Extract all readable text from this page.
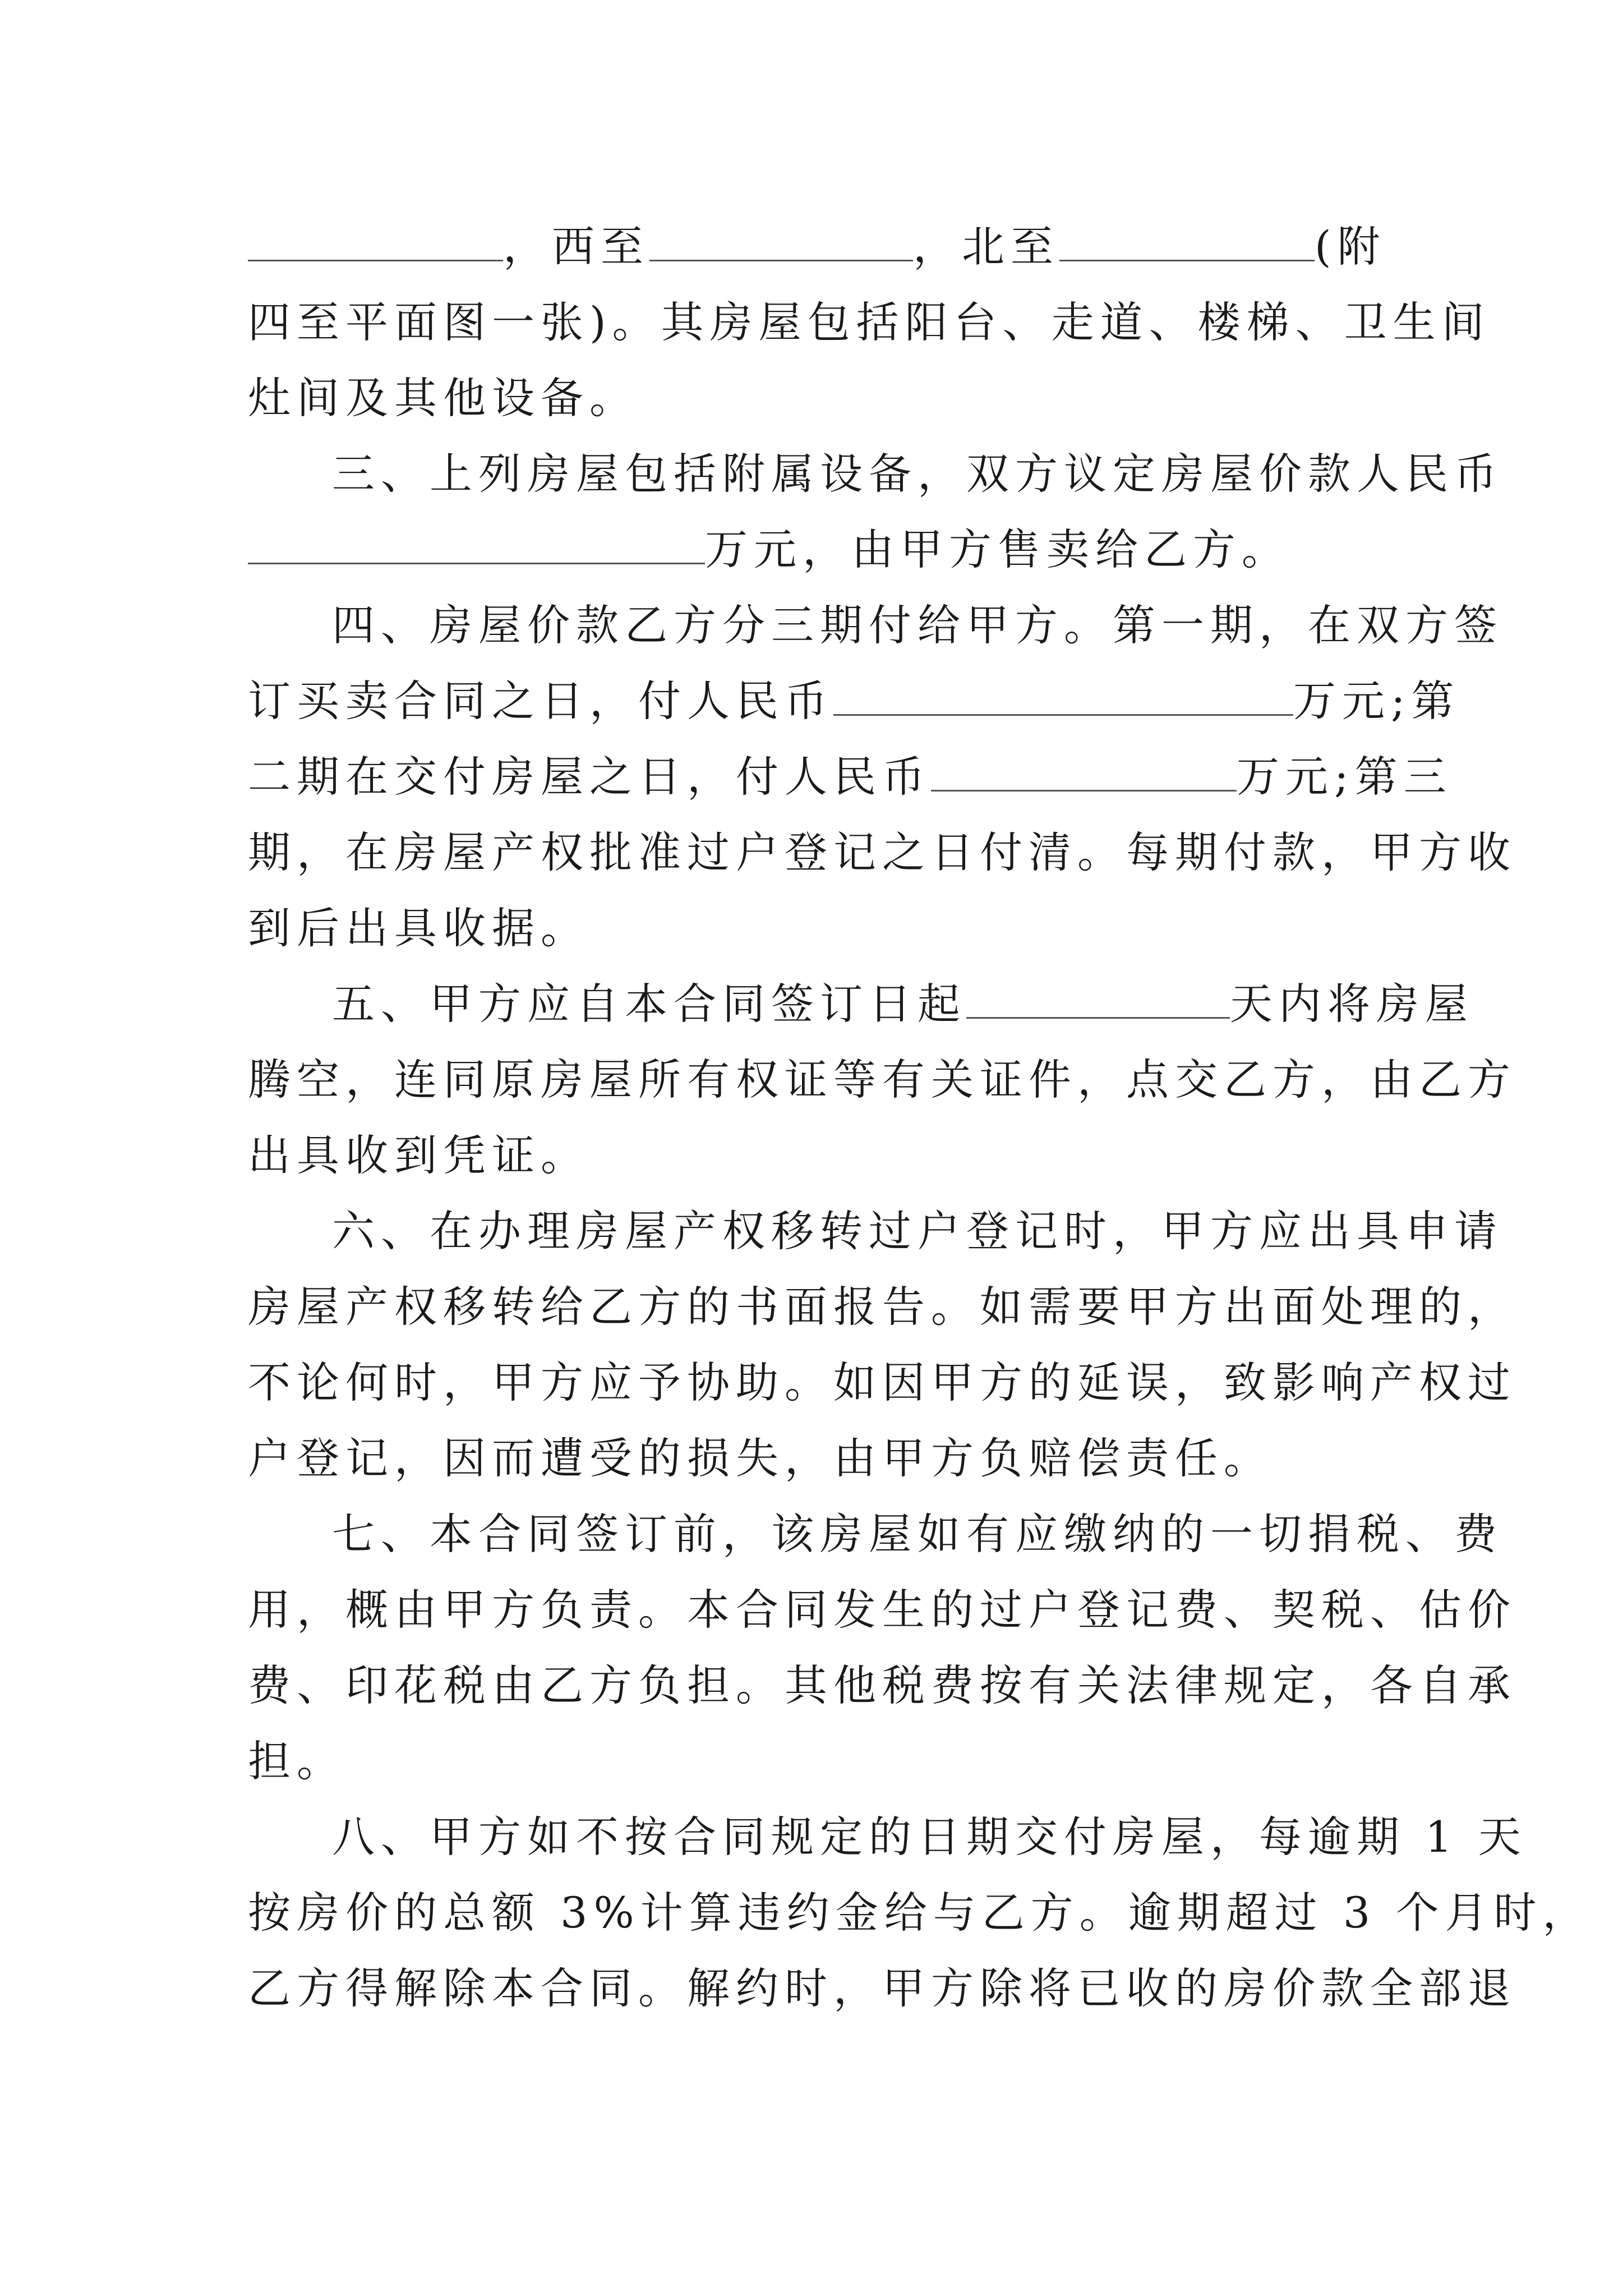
，西至	，北至	(附
四至平面图一张)。其房屋包括阳台、走道、楼梯、卫生间
灶间及其他设备。
三、上列房屋包括附属设备，双方议定房屋价款人民币
万元，由甲方售卖给乙方。
四、房屋价款乙方分三期付给甲方。第一期，在双方签
订买卖合同之日，付人民币	万元;第
二期在交付房屋之日，付人民币	万元;第三
期，在房屋产权批准过户登记之日付清。每期付款，甲方收
到后出具收据。
五、甲方应自本合同签订日起	天内将房屋
腾空，连同原房屋所有权证等有关证件，点交乙方，由乙方
出具收到凭证。
六、在办理房屋产权移转过户登记时，甲方应出具申请
房屋产权移转给乙方的书面报告。如需要甲方出面处理的，
不论何时，甲方应予协助。如因甲方的延误，致影响产权过
户登记，因而遭受的损失，由甲方负赔偿责任。
七、本合同签订前，该房屋如有应缴纳的一切捐税、费
用，概由甲方负责。本合同发生的过户登记费、契税、估价
费、印花税由乙方负担。其他税费按有关法律规定，各自承
担。
八、甲方如不按合同规定的日期交付房屋，每逾期 1 天
按房价的总额 3%计算违约金给与乙方。逾期超过 3 个月时，
乙方得解除本合同。解约时，甲方除将已收的房价款全部退
